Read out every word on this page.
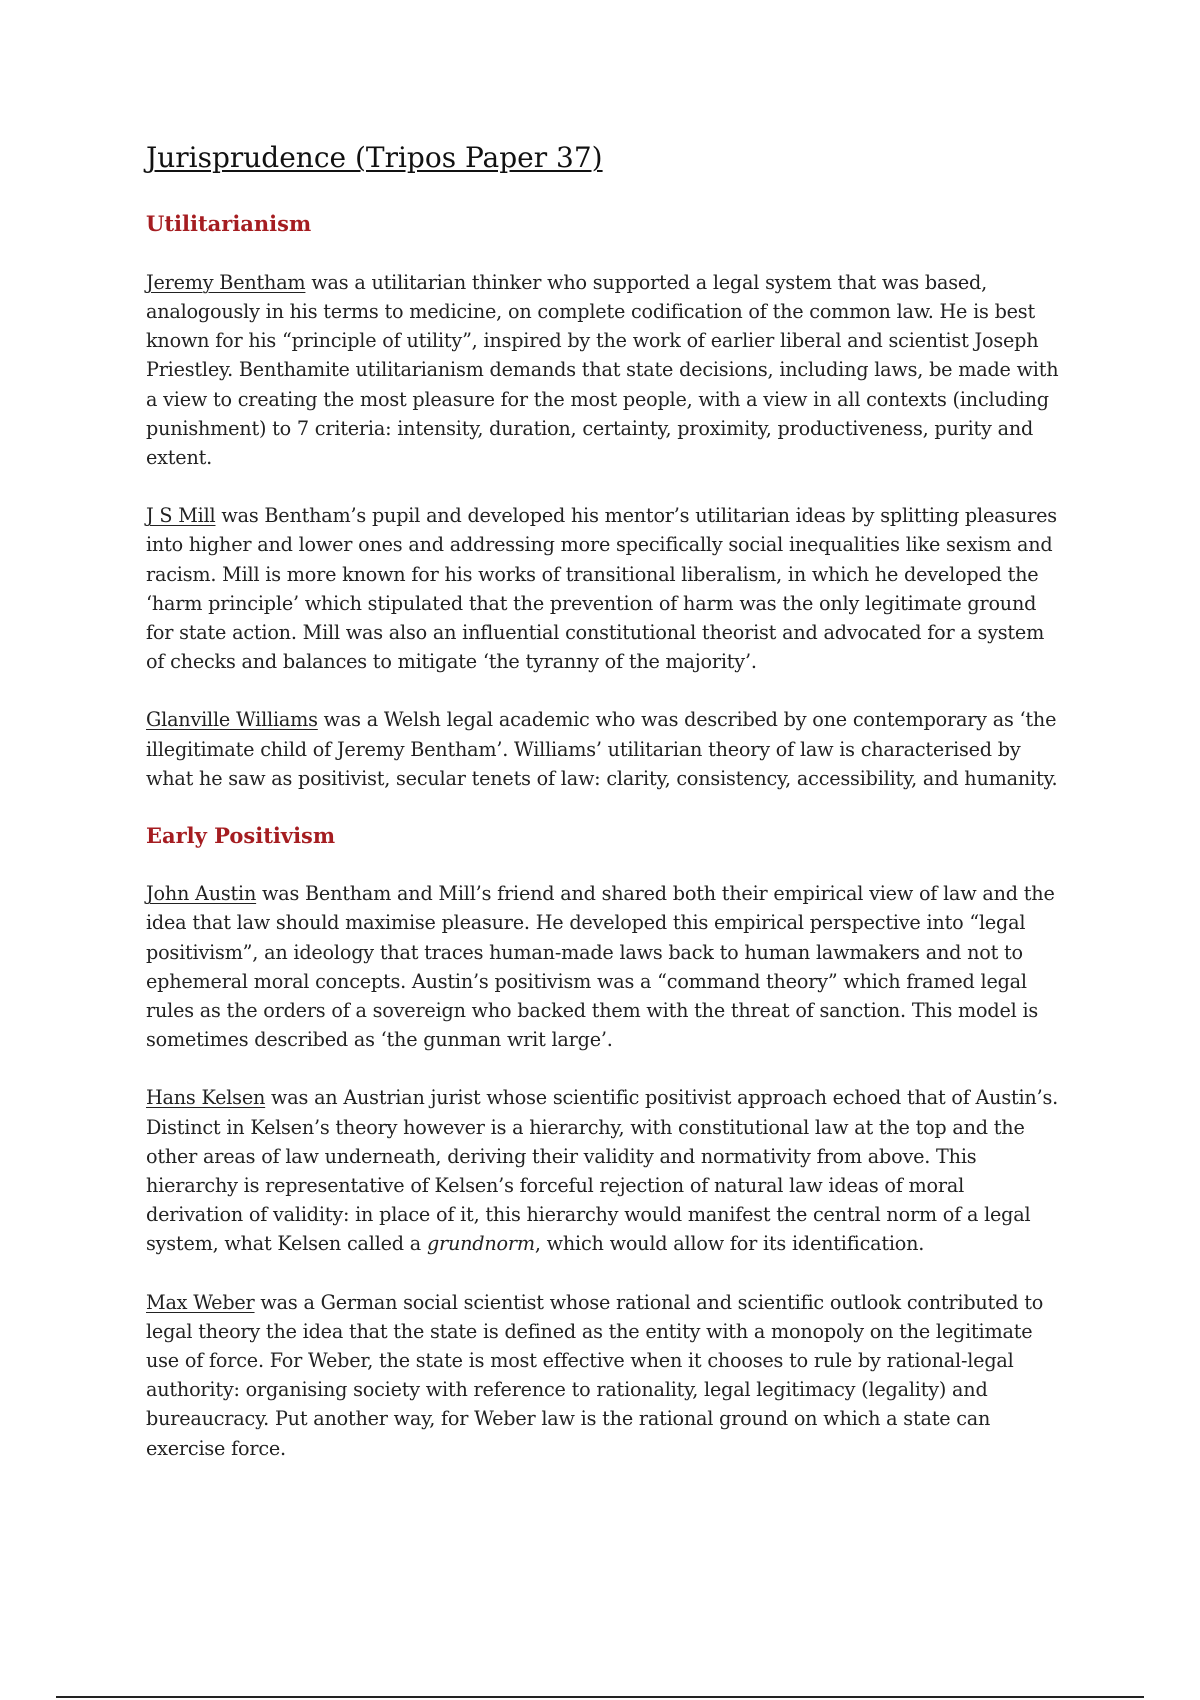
Jurisprudence (Tripos Paper 37)
Utilitarianism

Jeremy Bentham was a utilitarian thinker who supported a legal system that was based, analogously in his terms to medicine, on complete codification of the common law. He is best known for his “principle of utility”, inspired by the work of earlier liberal and scientist Joseph Priestley. Benthamite utilitarianism demands that state decisions, including laws, be made with a view to creating the most pleasure for the most people, with a view in all contexts (including punishment) to 7 criteria: intensity, duration, certainty, proximity, productiveness, purity and extent.

J S Mill was Bentham’s pupil and developed his mentor’s utilitarian ideas by splitting pleasures into higher and lower ones and addressing more specifically social inequalities like sexism and racism. Mill is more known for his works of transitional liberalism, in which he developed the ‘harm principle’ which stipulated that the prevention of harm was the only legitimate ground for state action. Mill was also an influential constitutional theorist and advocated for a system of checks and balances to mitigate ‘the tyranny of the majority’.

Glanville Williams was a Welsh legal academic who was described by one contemporary as ‘the illegitimate child of Jeremy Bentham’. Williams’ utilitarian theory of law is characterised by what he saw as positivist, secular tenets of law: clarity, consistency, accessibility, and humanity.

Early Positivism

John Austin was Bentham and Mill’s friend and shared both their empirical view of law and the idea that law should maximise pleasure. He developed this empirical perspective into “legal positivism”, an ideology that traces human-made laws back to human lawmakers and not to ephemeral moral concepts. Austin’s positivism was a “command theory” which framed legal rules as the orders of a sovereign who backed them with the threat of sanction. This model is sometimes described as ‘the gunman writ large’.

Hans Kelsen was an Austrian jurist whose scientific positivist approach echoed that of Austin’s. Distinct in Kelsen’s theory however is a hierarchy, with constitutional law at the top and the other areas of law underneath, deriving their validity and normativity from above. This hierarchy is representative of Kelsen’s forceful rejection of natural law ideas of moral derivation of validity: in place of it, this hierarchy would manifest the central norm of a legal system, what Kelsen called a grundnorm, which would allow for its identification.

Max Weber was a German social scientist whose rational and scientific outlook contributed to legal theory the idea that the state is defined as the entity with a monopoly on the legitimate use of force. For Weber, the state is most effective when it chooses to rule by rational-legal authority: organising society with reference to rationality, legal legitimacy (legality) and bureaucracy. Put another way, for Weber law is the rational ground on which a state can exercise force.
